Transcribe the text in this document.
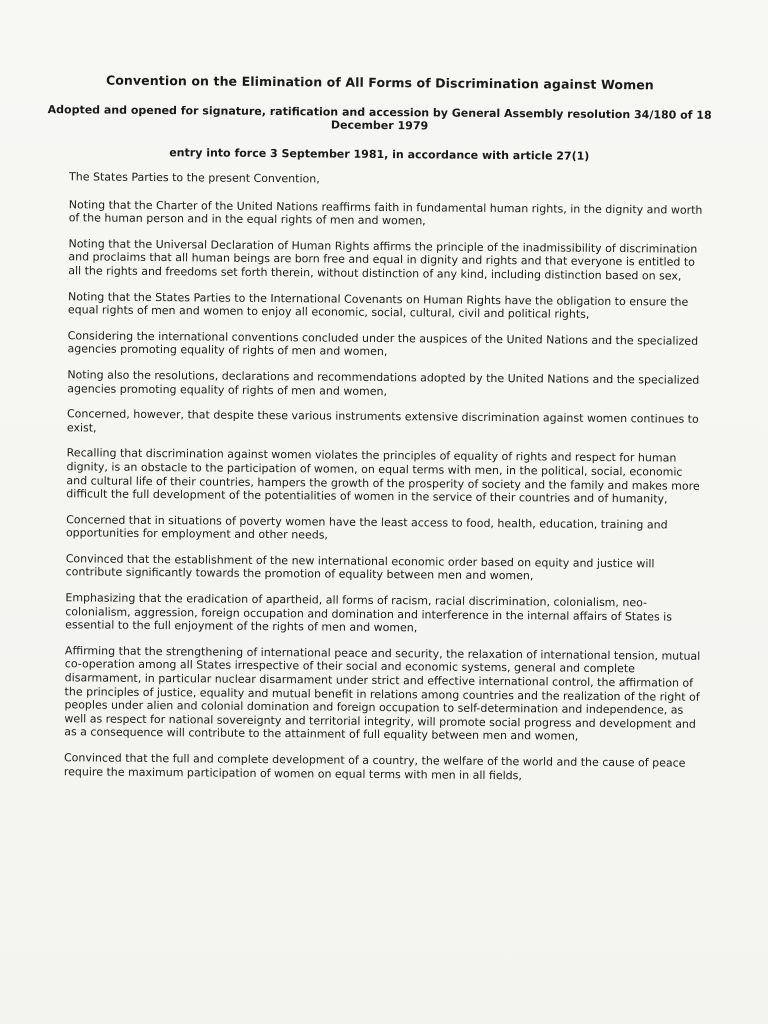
Convention on the Elimination of All Forms of Discrimination against Women
Adopted and opened for signature, ratification and accession by General Assembly resolution 34/180 of 18 December 1979
entry into force 3 September 1981, in accordance with article 27(1)

The States Parties to the present Convention,

Noting that the Charter of the United Nations reaffirms faith in fundamental human rights, in the dignity and worth of the human person and in the equal rights of men and women,

Noting that the Universal Declaration of Human Rights affirms the principle of the inadmissibility of discrimination and proclaims that all human beings are born free and equal in dignity and rights and that everyone is entitled to all the rights and freedoms set forth therein, without distinction of any kind, including distinction based on sex,

Noting that the States Parties to the International Covenants on Human Rights have the obligation to ensure the equal rights of men and women to enjoy all economic, social, cultural, civil and political rights,

Considering the international conventions concluded under the auspices of the United Nations and the specialized agencies promoting equality of rights of men and women,

Noting also the resolutions, declarations and recommendations adopted by the United Nations and the specialized agencies promoting equality of rights of men and women,

Concerned, however, that despite these various instruments extensive discrimination against women continues to exist,

Recalling that discrimination against women violates the principles of equality of rights and respect for human dignity, is an obstacle to the participation of women, on equal terms with men, in the political, social, economic and cultural life of their countries, hampers the growth of the prosperity of society and the family and makes more difficult the full development of the potentialities of women in the service of their countries and of humanity,

Concerned that in situations of poverty women have the least access to food, health, education, training and opportunities for employment and other needs,

Convinced that the establishment of the new international economic order based on equity and justice will contribute significantly towards the promotion of equality between men and women,

Emphasizing that the eradication of apartheid, all forms of racism, racial discrimination, colonialism, neo-colonialism, aggression, foreign occupation and domination and interference in the internal affairs of States is essential to the full enjoyment of the rights of men and women,

Affirming that the strengthening of international peace and security, the relaxation of international tension, mutual co-operation among all States irrespective of their social and economic systems, general and complete disarmament, in particular nuclear disarmament under strict and effective international control, the affirmation of the principles of justice, equality and mutual benefit in relations among countries and the realization of the right of peoples under alien and colonial domination and foreign occupation to self-determination and independence, as well as respect for national sovereignty and territorial integrity, will promote social progress and development and as a consequence will contribute to the attainment of full equality between men and women,

Convinced that the full and complete development of a country, the welfare of the world and the cause of peace require the maximum participation of women on equal terms with men in all fields,
